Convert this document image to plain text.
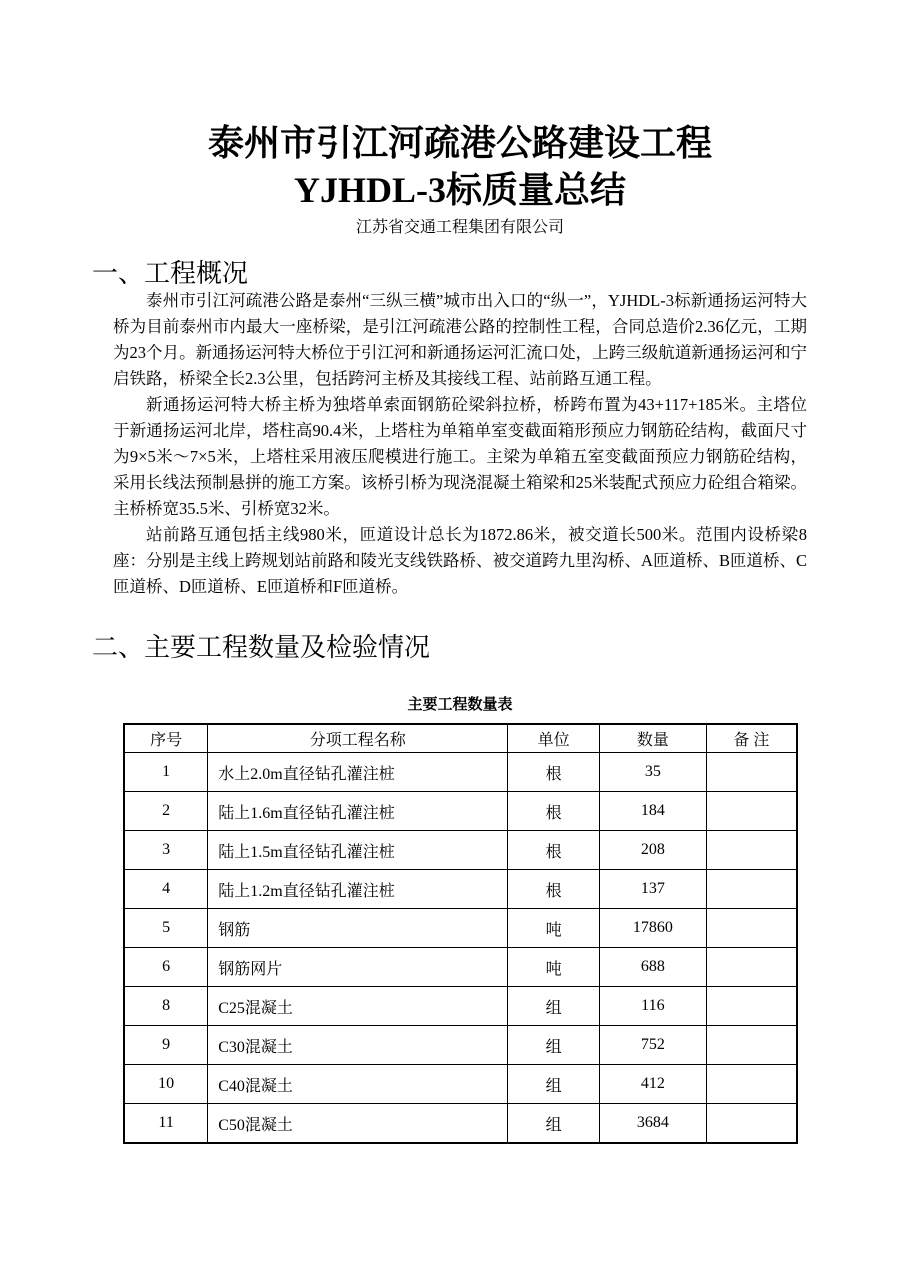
泰州市引江河疏港公路建设工程
YJHDL-3标质量总结
江苏省交通工程集团有限公司
一、工程概况

泰州市引江河疏港公路是泰州“三纵三横”城市出入口的“纵一”，YJHDL-3标新通扬运河特大桥为目前泰州市内最大一座桥梁，是引江河疏港公路的控制性工程，合同总造价2.36亿元，工期为23个月。新通扬运河特大桥位于引江河和新通扬运河汇流口处，上跨三级航道新通扬运河和宁启铁路，桥梁全长2.3公里，包括跨河主桥及其接线工程、站前路互通工程。

新通扬运河特大桥主桥为独塔单索面钢筋砼梁斜拉桥，桥跨布置为43+117+185米。主塔位于新通扬运河北岸，塔柱高90.4米，上塔柱为单箱单室变截面箱形预应力钢筋砼结构，截面尺寸为9×5米～7×5米，上塔柱采用液压爬模进行施工。主梁为单箱五室变截面预应力钢筋砼结构，采用长线法预制悬拼的施工方案。该桥引桥为现浇混凝土箱梁和25米装配式预应力砼组合箱梁。主桥桥宽35.5米、引桥宽32米。

站前路互通包括主线980米，匝道设计总长为1872.86米，被交道长500米。范围内设桥梁8座：分别是主线上跨规划站前路和陵光支线铁路桥、被交道跨九里沟桥、A匝道桥、B匝道桥、C匝道桥、D匝道桥、E匝道桥和F匝道桥。

二、主要工程数量及检验情况
主要工程数量表
序号	分项工程名称	单位	数量	备 注
1	水上2.0m直径钻孔灌注桩	根	35	
2	陆上1.6m直径钻孔灌注桩	根	184	
3	陆上1.5m直径钻孔灌注桩	根	208	
4	陆上1.2m直径钻孔灌注桩	根	137	
5	钢筋	吨	17860	
6	钢筋网片	吨	688	
8	C25混凝土	组	116	
9	C30混凝土	组	752	
10	C40混凝土	组	412	
11	C50混凝土	组	3684	
